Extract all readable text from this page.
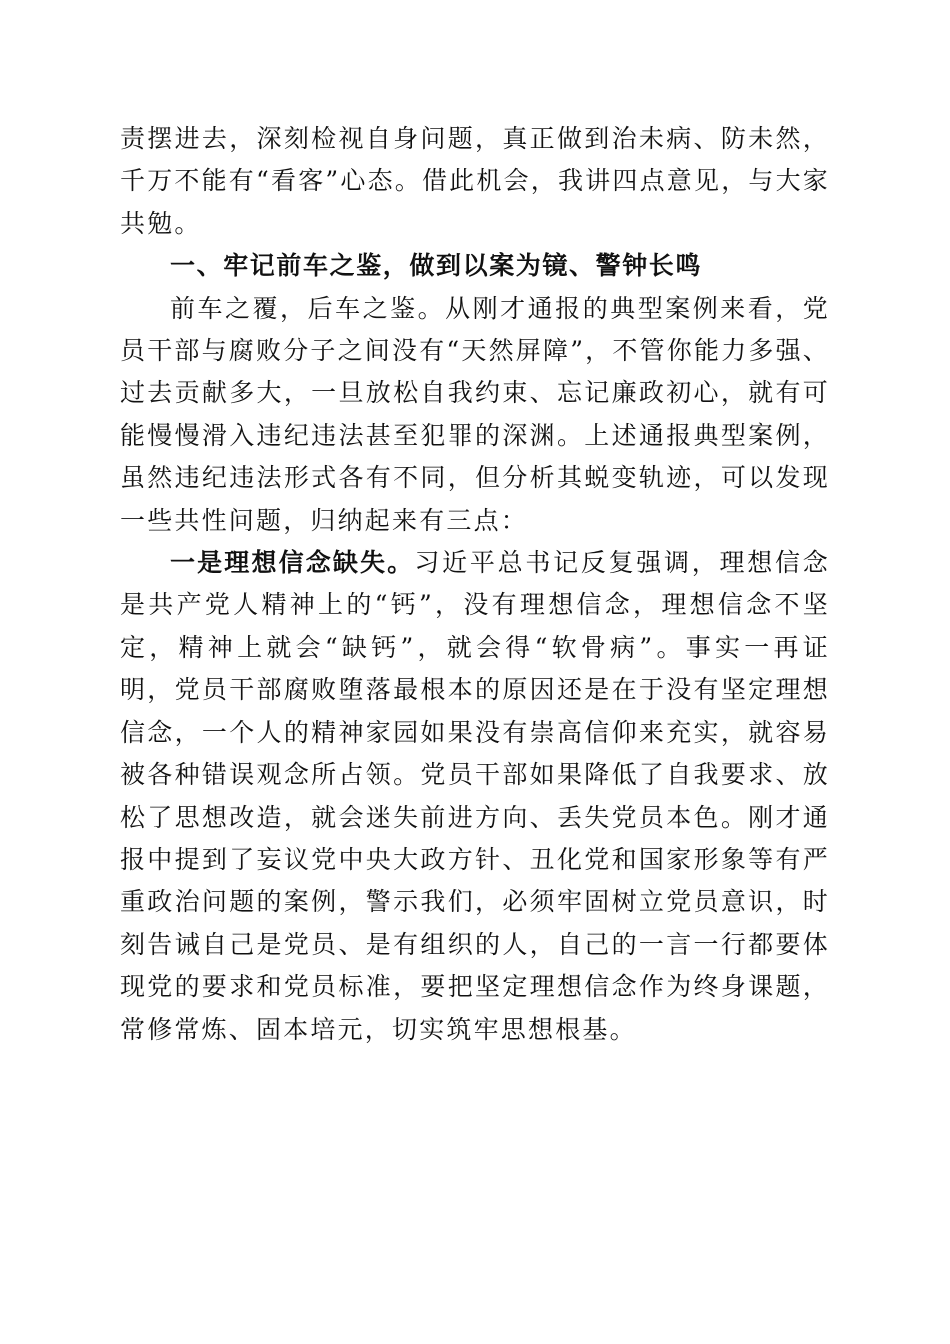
责摆进去，深刻检视自身问题，真正做到治未病、防未然，千万不能有“看客”心态。借此机会，我讲四点意见，与大家共勉。

一、牢记前车之鉴，做到以案为镜、警钟长鸣

前车之覆，后车之鉴。从刚才通报的典型案例来看，党员干部与腐败分子之间没有“天然屏障”，不管你能力多强、过去贡献多大，一旦放松自我约束、忘记廉政初心，就有可能慢慢滑入违纪违法甚至犯罪的深渊。上述通报典型案例，虽然违纪违法形式各有不同，但分析其蜕变轨迹，可以发现一些共性问题，归纳起来有三点：

一是理想信念缺失。习近平总书记反复强调，理想信念是共产党人精神上的“钙”，没有理想信念，理想信念不坚定，精神上就会“缺钙”，就会得“软骨病”。事实一再证明，党员干部腐败堕落最根本的原因还是在于没有坚定理想信念，一个人的精神家园如果没有崇高信仰来充实，就容易被各种错误观念所占领。党员干部如果降低了自我要求、放松了思想改造，就会迷失前进方向、丢失党员本色。刚才通报中提到了妄议党中央大政方针、丑化党和国家形象等有严重政治问题的案例，警示我们，必须牢固树立党员意识，时刻告诫自己是党员、是有组织的人，自己的一言一行都要体现党的要求和党员标准，要把坚定理想信念作为终身课题，常修常炼、固本培元，切实筑牢思想根基。
